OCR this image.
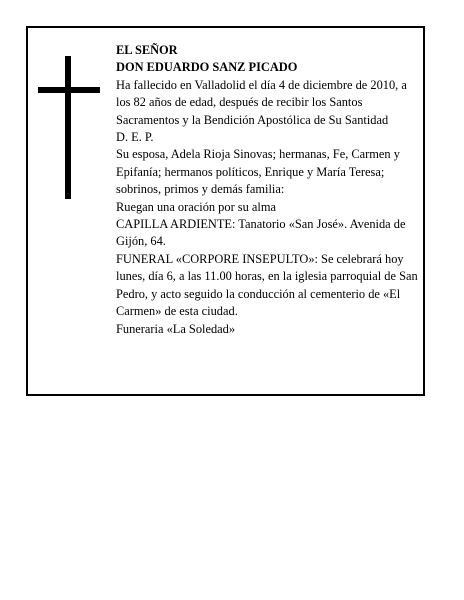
EL SEÑOR

DON EDUARDO SANZ PICADO

Ha fallecido en Valladolid el día 4 de diciembre de 2010, a los 82 años de edad, después de recibir los Santos Sacramentos y la Bendición Apostólica de Su Santidad

D. E. P.

Su esposa, Adela Rioja Sinovas; hermanas, Fe, Carmen y Epifanía; hermanos políticos, Enrique y María Teresa; sobrinos, primos y demás familia:

Ruegan una oración por su alma

CAPILLA ARDIENTE: Tanatorio «San José». Avenida de Gijón, 64.

FUNERAL «CORPORE INSEPULTO»: Se celebrará hoy lunes, día 6, a las 11.00 horas, en la iglesia parroquial de San Pedro, y acto seguido la conducción al cementerio de «El Carmen» de esta ciudad.

Funeraria «La Soledad»
